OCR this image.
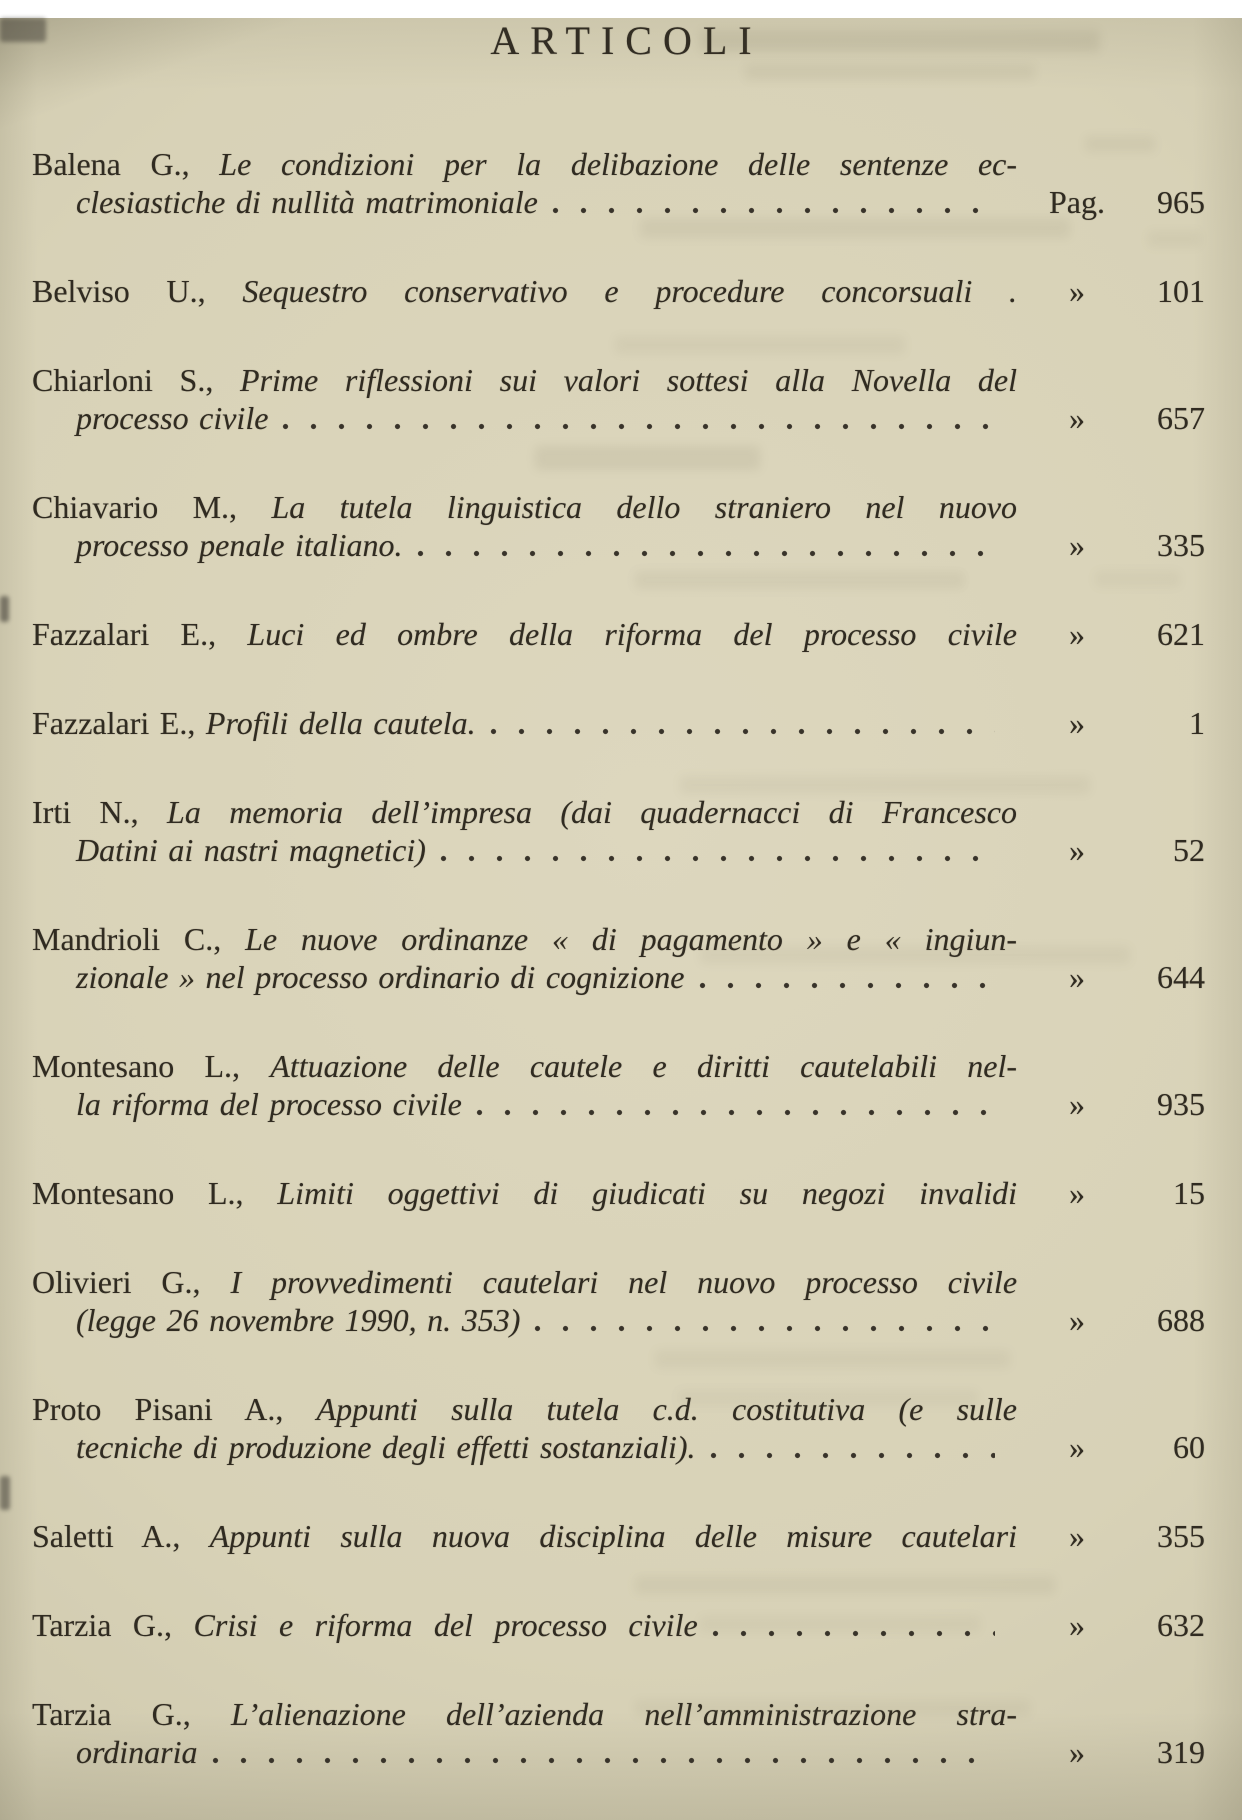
ARTICOLI
Balena G., Le condizioni per la delibazione delle sentenze ec-
clesiastiche di nullità matrimoniale	Pag.	965
Belviso U., Sequestro conservativo e procedure concorsuali .	»	101
Chiarloni S., Prime riflessioni sui valori sottesi alla Novella del
processo civile	»	657
Chiavario M., La tutela linguistica dello straniero nel nuovo
processo penale italiano.	»	335
Fazzalari E., Luci ed ombre della riforma del processo civile	»	621
Fazzalari E., Profili della cautela.	»	1
Irti N., La memoria dell’impresa (dai quadernacci di Francesco
Datini ai nastri magnetici)	»	52
Mandrioli C., Le nuove ordinanze « di pagamento » e « ingiun-
zionale » nel processo ordinario di cognizione	»	644
Montesano L., Attuazione delle cautele e diritti cautelabili nel-
la riforma del processo civile	»	935
Montesano L., Limiti oggettivi di giudicati su negozi invalidi	»	15
Olivieri G., I provvedimenti cautelari nel nuovo processo civile
(legge 26 novembre 1990, n. 353)	»	688
Proto Pisani A., Appunti sulla tutela c.d. costitutiva (e sulle
tecniche di produzione degli effetti sostanziali).	»	60
Saletti A., Appunti sulla nuova disciplina delle misure cautelari	»	355
Tarzia G., Crisi e riforma del processo civile	»	632
Tarzia G., L’alienazione dell’azienda nell’amministrazione stra-
ordinaria	»	319
